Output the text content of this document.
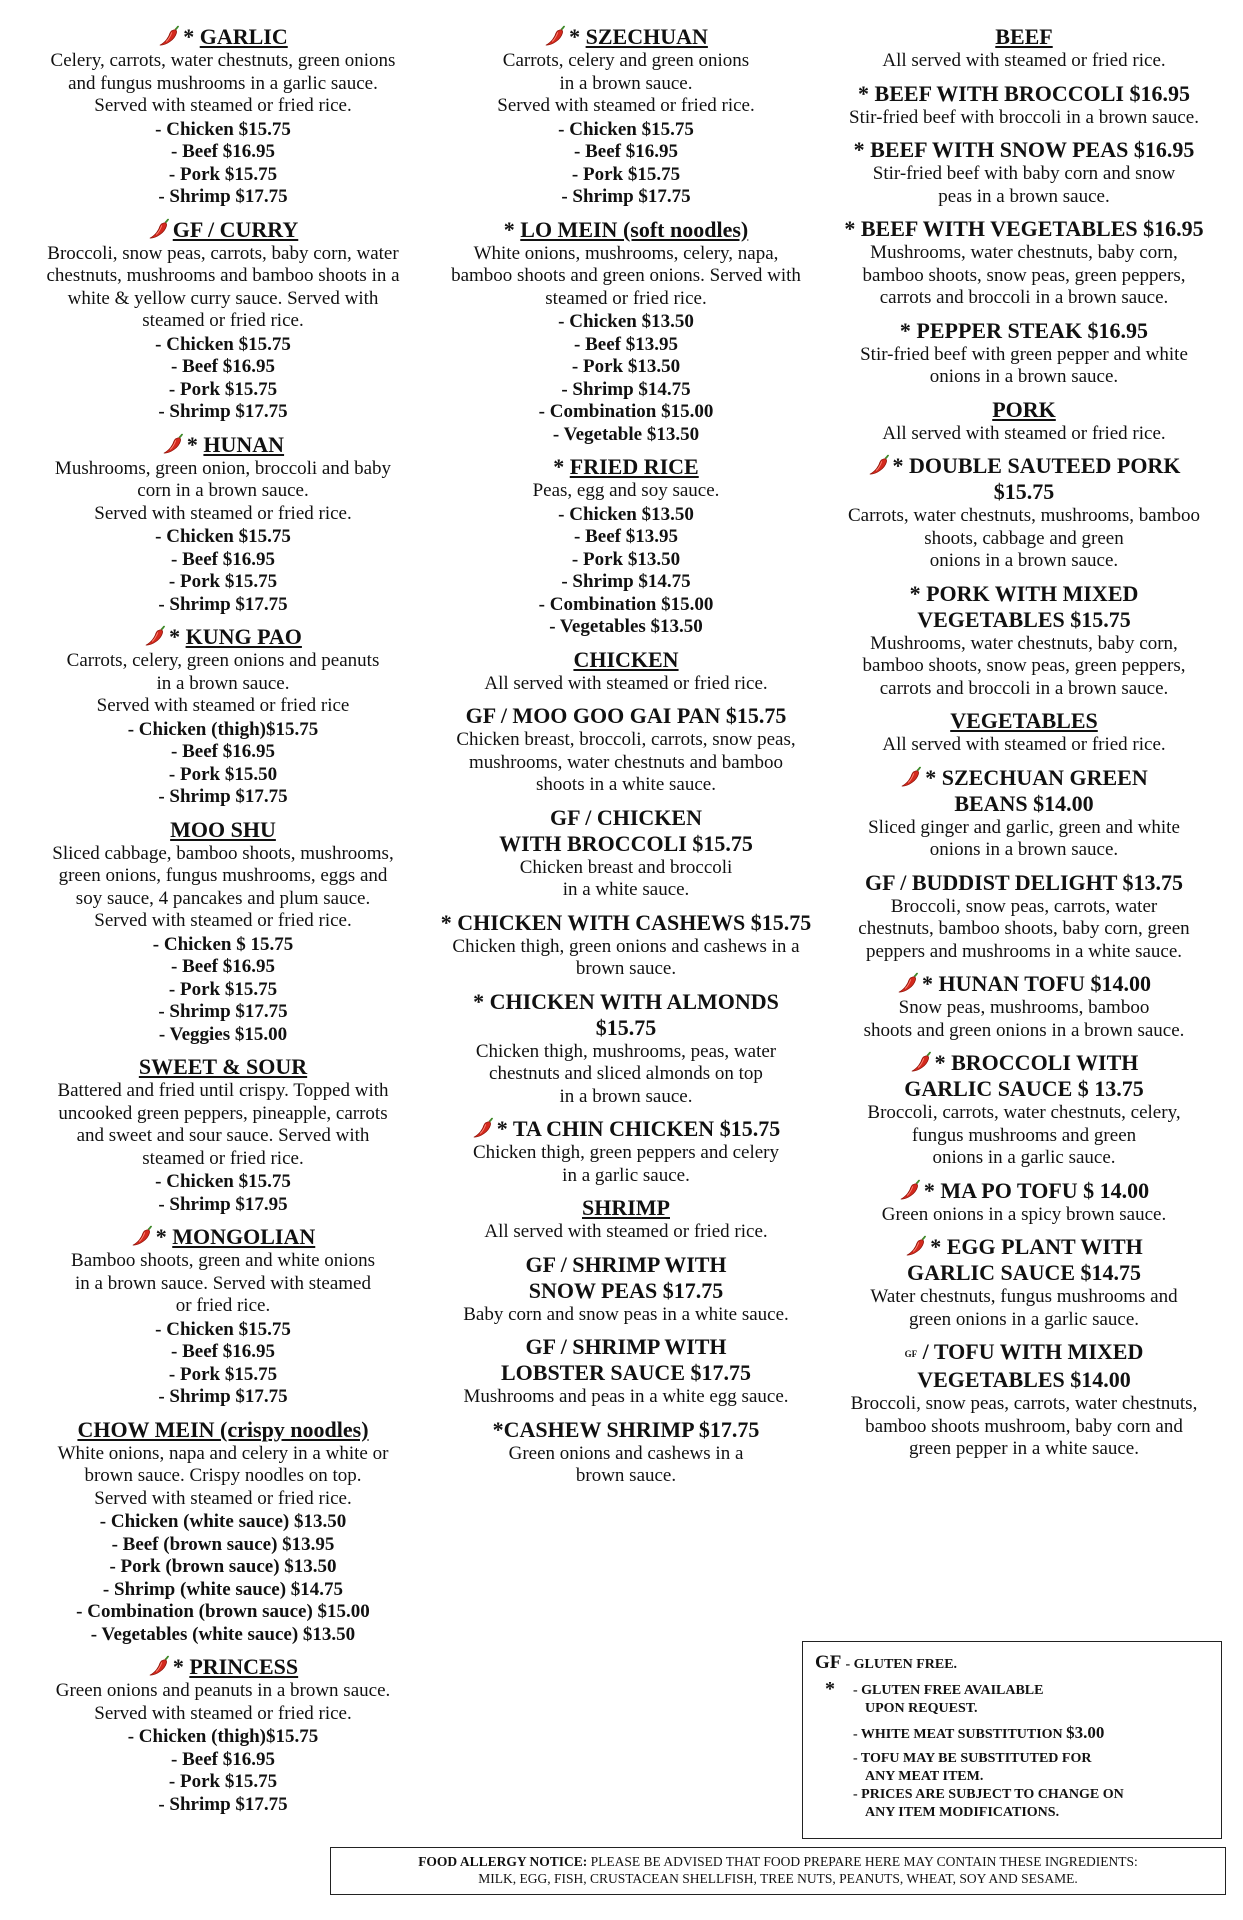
* GARLIC
Celery, carrots, water chestnuts, green onions
and fungus mushrooms in a garlic sauce.
Served with steamed or fried rice.
- Chicken $15.75
- Beef $16.95
- Pork $15.75
- Shrimp $17.75
GF / CURRY
Broccoli, snow peas, carrots, baby corn, water
chestnuts, mushrooms and bamboo shoots in a
white & yellow curry sauce. Served with
steamed or fried rice.
- Chicken $15.75
- Beef $16.95
- Pork $15.75
- Shrimp $17.75
* HUNAN
Mushrooms, green onion, broccoli and baby
corn in a brown sauce.
Served with steamed or fried rice.
- Chicken $15.75
- Beef $16.95
- Pork $15.75
- Shrimp $17.75
* KUNG PAO
Carrots, celery, green onions and peanuts
in a brown sauce.
Served with steamed or fried rice
- Chicken (thigh)$15.75
- Beef $16.95
- Pork $15.50
- Shrimp $17.75
MOO SHU
Sliced cabbage, bamboo shoots, mushrooms,
green onions, fungus mushrooms, eggs and
soy sauce, 4 pancakes and plum sauce.
Served with steamed or fried rice.
- Chicken $ 15.75
- Beef $16.95
- Pork $15.75
- Shrimp $17.75
- Veggies $15.00
SWEET & SOUR
Battered and fried until crispy. Topped with
uncooked green peppers, pineapple, carrots
and sweet and sour sauce. Served with
steamed or fried rice.
- Chicken $15.75
- Shrimp $17.95
* MONGOLIAN
Bamboo shoots, green and white onions
in a brown sauce. Served with steamed
or fried rice.
- Chicken $15.75
- Beef $16.95
- Pork $15.75
- Shrimp $17.75
CHOW MEIN (crispy noodles)
White onions, napa and celery in a white or
brown sauce. Crispy noodles on top.
Served with steamed or fried rice.
- Chicken (white sauce) $13.50
- Beef (brown sauce) $13.95
- Pork (brown sauce) $13.50
- Shrimp (white sauce) $14.75
- Combination (brown sauce) $15.00
- Vegetables (white sauce) $13.50
* PRINCESS
Green onions and peanuts in a brown sauce.
Served with steamed or fried rice.
- Chicken (thigh)$15.75
- Beef $16.95
- Pork $15.75
- Shrimp $17.75
* SZECHUAN
Carrots, celery and green onions
in a brown sauce.
Served with steamed or fried rice.
- Chicken $15.75
- Beef $16.95
- Pork $15.75
- Shrimp $17.75
* LO MEIN (soft noodles)
White onions, mushrooms, celery, napa,
bamboo shoots and green onions. Served with
steamed or fried rice.
- Chicken $13.50
- Beef $13.95
- Pork $13.50
- Shrimp $14.75
- Combination $15.00
- Vegetable $13.50
* FRIED RICE
Peas, egg and soy sauce.
- Chicken $13.50
- Beef $13.95
- Pork $13.50
- Shrimp $14.75
- Combination $15.00
- Vegetables $13.50
CHICKEN
All served with steamed or fried rice.
GF / MOO GOO GAI PAN $15.75
Chicken breast, broccoli, carrots, snow peas,
mushrooms, water chestnuts and bamboo
shoots in a white sauce.
GF / CHICKEN
WITH BROCCOLI $15.75
Chicken breast and broccoli
in a white sauce.
* CHICKEN WITH CASHEWS $15.75
Chicken thigh, green onions and cashews in a
brown sauce.
* CHICKEN WITH ALMONDS
$15.75
Chicken thigh, mushrooms, peas, water
chestnuts and sliced almonds on top
in a brown sauce.
* TA CHIN CHICKEN $15.75
Chicken thigh, green peppers and celery
in a garlic sauce.
SHRIMP
All served with steamed or fried rice.
GF / SHRIMP WITH
SNOW PEAS $17.75
Baby corn and snow peas in a white sauce.
GF / SHRIMP WITH
LOBSTER SAUCE $17.75
Mushrooms and peas in a white egg sauce.
*CASHEW SHRIMP $17.75
Green onions and cashews in a
brown sauce.
BEEF
All served with steamed or fried rice.
* BEEF WITH BROCCOLI $16.95
Stir-fried beef with broccoli in a brown sauce.
* BEEF WITH SNOW PEAS $16.95
Stir-fried beef with baby corn and snow
peas in a brown sauce.
* BEEF WITH VEGETABLES $16.95
Mushrooms, water chestnuts, baby corn,
bamboo shoots, snow peas, green peppers,
carrots and broccoli in a brown sauce.
* PEPPER STEAK $16.95
Stir-fried beef with green pepper and white
onions in a brown sauce.
PORK
All served with steamed or fried rice.
* DOUBLE SAUTEED PORK
$15.75
Carrots, water chestnuts, mushrooms, bamboo
shoots, cabbage and green
onions in a brown sauce.
* PORK WITH MIXED
VEGETABLES $15.75
Mushrooms, water chestnuts, baby corn,
bamboo shoots, snow peas, green peppers,
carrots and broccoli in a brown sauce.
VEGETABLES
All served with steamed or fried rice.
* SZECHUAN GREEN
BEANS $14.00
Sliced ginger and garlic, green and white
onions in a brown sauce.
GF / BUDDIST DELIGHT $13.75
Broccoli, snow peas, carrots, water
chestnuts, bamboo shoots, baby corn, green
peppers and mushrooms in a white sauce.
* HUNAN TOFU $14.00
Snow peas, mushrooms, bamboo
shoots and green onions in a brown sauce.
* BROCCOLI WITH
GARLIC SAUCE $ 13.75
Broccoli, carrots, water chestnuts, celery,
fungus mushrooms and green
onions in a garlic sauce.
* MA PO TOFU $ 14.00
Green onions in a spicy brown sauce.
* EGG PLANT WITH
GARLIC SAUCE $14.75
Water chestnuts, fungus mushrooms and
green onions in a garlic sauce.
GF / TOFU WITH MIXED
VEGETABLES $14.00
Broccoli, snow peas, carrots, water chestnuts,
bamboo shoots mushroom, baby corn and
green pepper in a white sauce.
GF - GLUTEN FREE.
* - GLUTEN FREE AVAILABLE
UPON REQUEST.
- WHITE MEAT SUBSTITUTION $3.00
- TOFU MAY BE SUBSTITUTED FOR
ANY MEAT ITEM.
- PRICES ARE SUBJECT TO CHANGE ON
ANY ITEM MODIFICATIONS.
FOOD ALLERGY NOTICE: PLEASE BE ADVISED THAT FOOD PREPARE HERE MAY CONTAIN THESE INGREDIENTS:
MILK, EGG, FISH, CRUSTACEAN SHELLFISH, TREE NUTS, PEANUTS, WHEAT, SOY AND SESAME.
